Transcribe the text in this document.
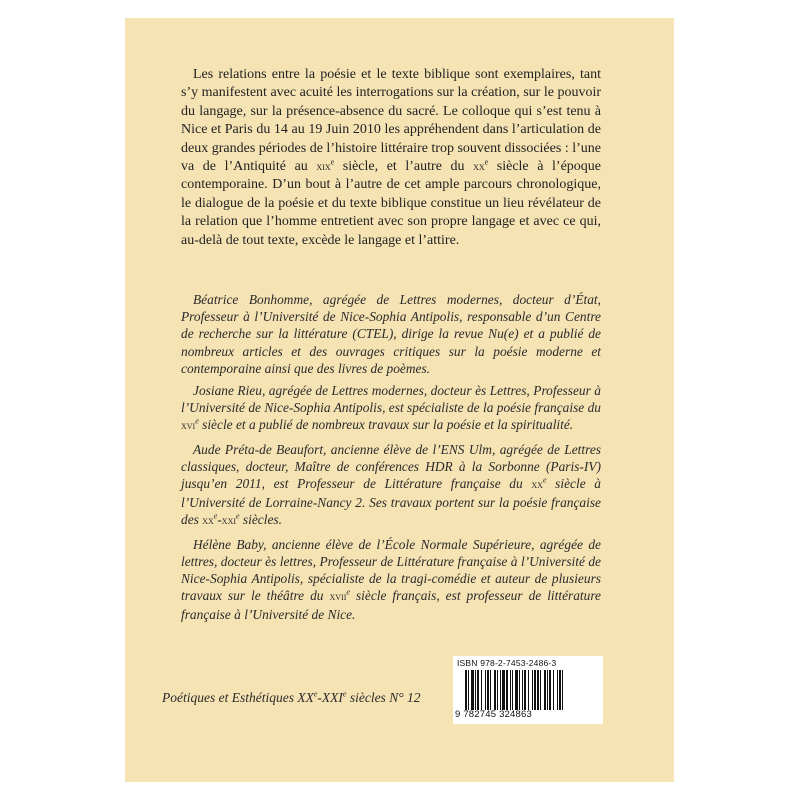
Les relations entre la poésie et le texte biblique sont exemplaires, tant s’y manifestent avec acuité les interrogations sur la création, sur le pouvoir du langage, sur la présence-absence du sacré. Le colloque qui s’est tenu à Nice et Paris du 14 au 19 Juin 2010 les appréhendent dans l’articulation de deux grandes périodes de l’histoire littéraire trop souvent dissociées : l’une va de l’Antiquité au xix$^e$ siècle, et l’autre du $xx^e$ siècle à l’époque contemporaine. D’un bout à l’autre de cet ample parcours chronologique, le dialogue de la poésie et du texte biblique constitue un lieu révélateur de la relation que l’homme entretient avec son propre langage et avec ce qui, au-delà de tout texte, excède le langage et l’attire.

Béatrice Bonhomme, agrégée de Lettres modernes, docteur d’État, Professeur à l’Université de Nice-Sophia Antipolis, responsable d’un Centre de recherche sur la littérature (CTEL), dirige la revue Nu(e) et a publié de nombreux articles et des ouvrages critiques sur la poésie moderne et contemporaine ainsi que des livres de poèmes.

Josiane Rieu, agrégée de Lettres modernes, docteur ès Lettres, Professeur à l’Université de Nice-Sophia Antipolis, est spécialiste de la poésie française du xvi$^e$ siècle et a publié de nombreux travaux sur la poésie et la spiritualité.

Aude Préta-de Beaufort, ancienne élève de l’ENS Ulm, agrégée de Lettres classiques, docteur, Maître de conférences HDR à la Sorbonne (Paris-IV) jusqu’en 2011, est Professeur de Littérature française du $xx^e$ siècle à l’Université de Lorraine-Nancy 2. Ses travaux portent sur la poésie française des $xx^e-xxi^e$ siècles.

Hélène Baby, ancienne élève de l’École Normale Supérieure, agrégée de lettres, docteur ès lettres, Professeur de Littérature française à l’Université de Nice-Sophia Antipolis, spécialiste de la tragi-comédie et auteur de plusieurs travaux sur le théâtre du xvii$^e$ siècle français, est professeur de littérature française à l’Université de Nice.

ISBN 978-2-7453-2486-3
9 782745 324863
Poétiques et Esthétiques XXe-XXIe siècles N° 12
